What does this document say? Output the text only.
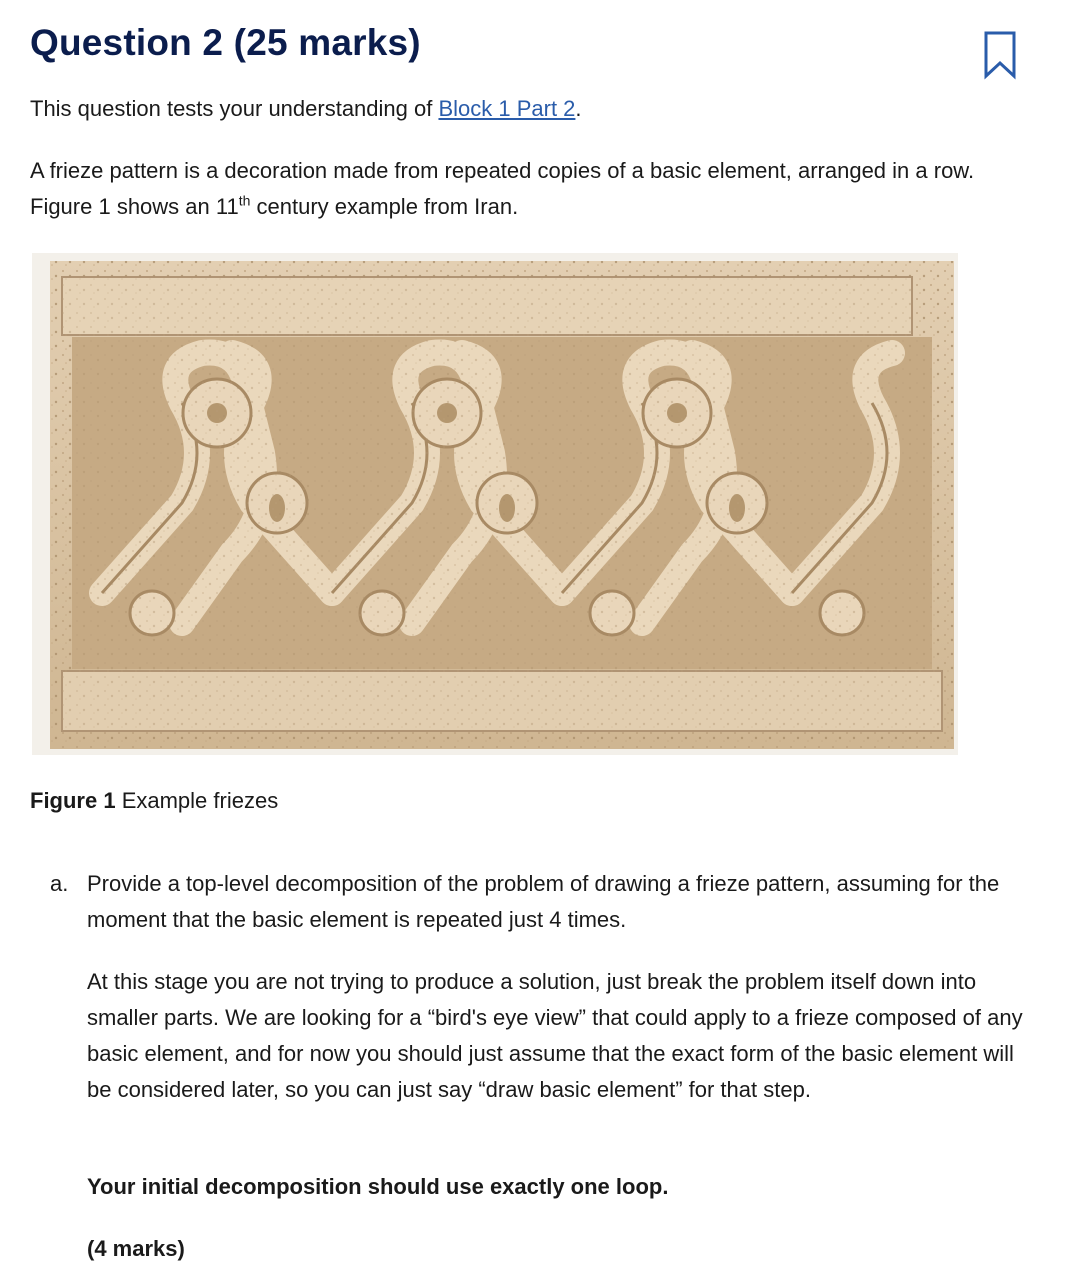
Question 2 (25 marks)

This question tests your understanding of Block 1 Part 2.

A frieze pattern is a decoration made from repeated copies of a basic element, arranged in a row. Figure 1 shows an 11th century example from Iran.

Figure 1 Example friezes

a. Provide a top-level decomposition of the problem of drawing a frieze pattern, assuming for the moment that the basic element is repeated just 4 times.

At this stage you are not trying to produce a solution, just break the problem itself down into smaller parts. We are looking for a “bird's eye view” that could apply to a frieze composed of any basic element, and for now you should just assume that the exact form of the basic element will be considered later, so you can just say “draw basic element” for that step.

Your initial decomposition should use exactly one loop.

(4 marks)
